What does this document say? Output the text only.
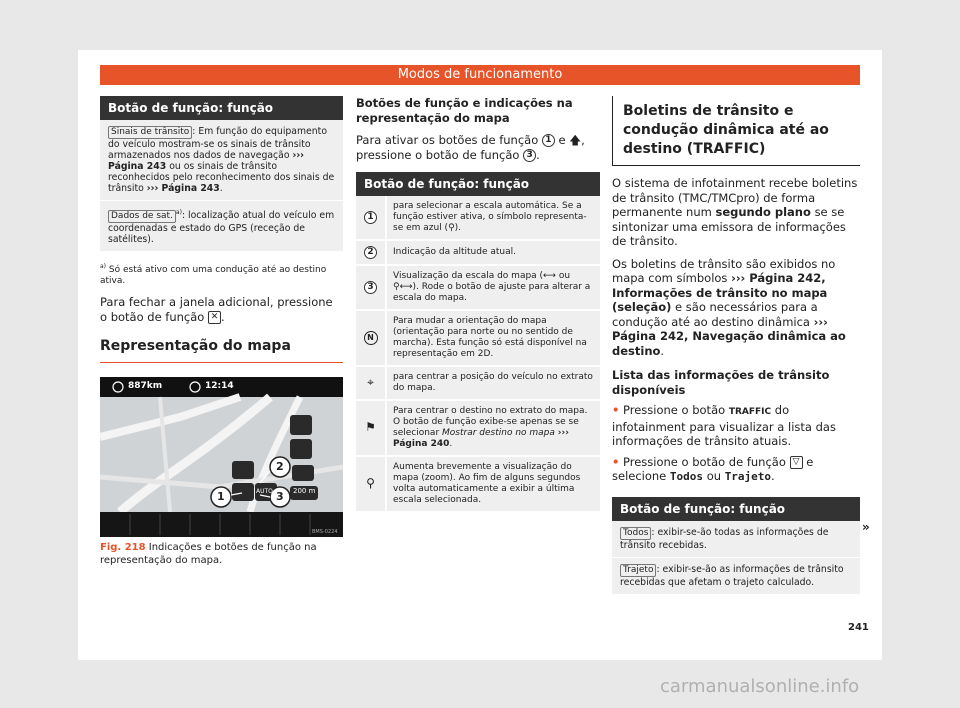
Modos de funcionamento
Botão de função: função
Sinais de trânsito : Em função do equipamento do veículo mostram-se os sinais de trânsito armazenados nos dados de navegação ››› Página 243 ou os sinais de trânsito reconhecidos pelo reconhecimento dos sinais de trânsito ››› Página 243.
Dados de sat. $^{a)}$: localização atual do veículo em coordenadas e estado do GPS (receção de satélites).
$^{a)}$ Só está ativo com uma condução até ao destino ativa.
Para fechar a janela adicional, pressione o botão de função ✕ .
Representação do mapa
887km	12:14
200 m
AUTO
BMS-0224
1
2
3
Fig. 218 Indicações e botões de função na representação do mapa.
Botões de função e indicações na representação do mapa
Para ativar os botões de função 1 e 🡅, pressione o botão de função 3 .
Botão de função: função
1	para selecionar a escala automática. Se a função estiver ativa, o símbolo representa-se em azul (⚲).
2	Indicação da altitude atual.
3	Visualização da escala do mapa (⟷ ou ⚲⟷). Rode o botão de ajuste para alterar a escala do mapa.
N	Para mudar a orientação do mapa (orientação para norte ou no sentido de marcha). Esta função só está disponível na representação em 2D.
⌖	para centrar a posição do veículo no extrato do mapa.
⚑	Para centrar o destino no extrato do mapa. O botão de função exibe-se apenas se se selecionar Mostrar destino no mapa ››› Página 240.
⚲	Aumenta brevemente a visualização do mapa (zoom). Ao fim de alguns segundos volta automaticamente a exibir a última escala selecionada.
Boletins de trânsito e condução dinâmica até ao destino (TRAFFIC)
O sistema de infotainment recebe boletins de trânsito (TMC/TMCpro) de forma permanente num segundo plano se se sintonizar uma emissora de informações de trânsito.
Os boletins de trânsito são exibidos no mapa com símbolos ››› Página 242, Informações de trânsito no mapa (seleção) e são necessários para a condução até ao destino dinâmica ››› Página 242, Navegação dinâmica ao destino.
Lista das informações de trânsito disponíveis
• Pressione o botão TRAFFIC do infotainment para visualizar a lista das informações de trânsito atuais.
• Pressione o botão de função ▽ e selecione Todos ou Trajeto.
Botão de função: função
Todos : exibir-se-ão todas as informações de trânsito recebidas.
Trajeto : exibir-se-ão as informações de trânsito recebidas que afetam o trajeto calculado.
»
241
carmanualsonline.info
